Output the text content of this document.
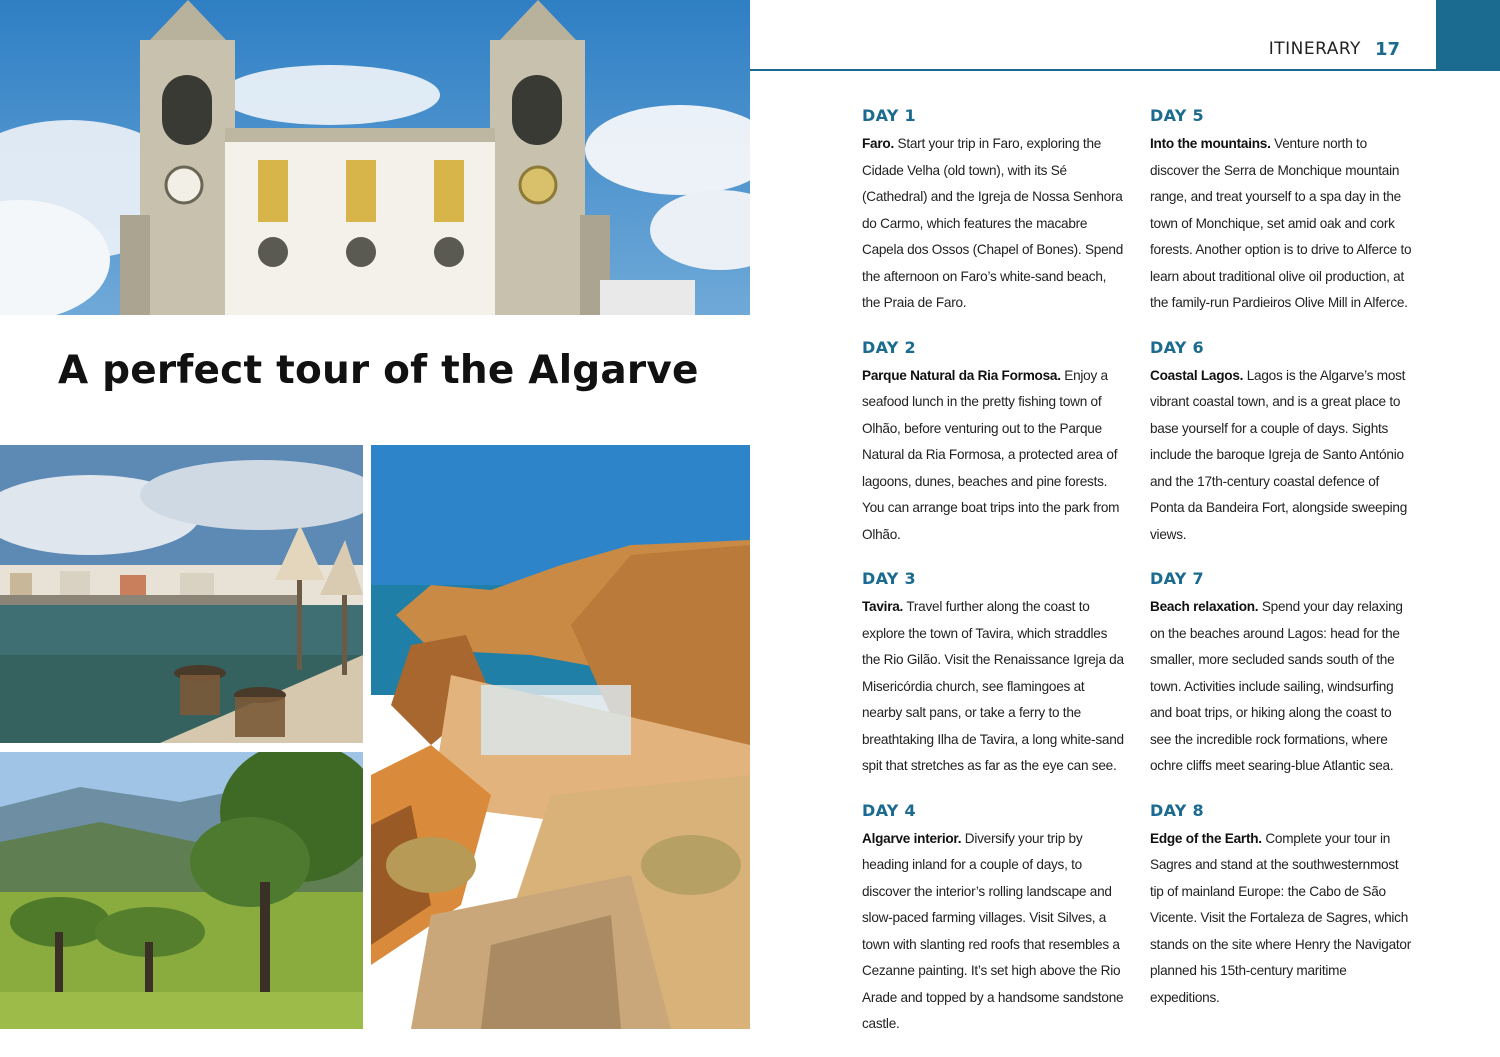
A perfect tour of the Algarve
ITINERARY 17
DAY 1

Faro. Start your trip in Faro, exploring the Cidade Velha (old town), with its Sé (Cathedral) and the Igreja de Nossa Senhora do Carmo, which features the macabre Capela dos Ossos (Chapel of Bones). Spend the afternoon on Faro’s white-sand beach, the Praia de Faro.

DAY 2

Parque Natural da Ria Formosa. Enjoy a seafood lunch in the pretty fishing town of Olhão, before venturing out to the Parque Natural da Ria Formosa, a protected area of lagoons, dunes, beaches and pine forests. You can arrange boat trips into the park from Olhão.

DAY 3

Tavira. Travel further along the coast to explore the town of Tavira, which straddles the Rio Gilão. Visit the Renaissance Igreja da Misericórdia church, see flamingoes at nearby salt pans, or take a ferry to the breathtaking Ilha de Tavira, a long white-sand spit that stretches as far as the eye can see.

DAY 4

Algarve interior. Diversify your trip by heading inland for a couple of days, to discover the interior’s rolling landscape and slow-paced farming villages. Visit Silves, a town with slanting red roofs that resembles a Cezanne painting. It’s set high above the Rio Arade and topped by a handsome sandstone castle.

DAY 5

Into the mountains. Venture north to discover the Serra de Monchique mountain range, and treat yourself to a spa day in the town of Monchique, set amid oak and cork forests. Another option is to drive to Alferce to learn about traditional olive oil production, at the family-run Pardieiros Olive Mill in Alferce.

DAY 6

Coastal Lagos. Lagos is the Algarve’s most vibrant coastal town, and is a great place to base yourself for a couple of days. Sights include the baroque Igreja de Santo António and the 17th-century coastal defence of Ponta da Bandeira Fort, alongside sweeping views.

DAY 7

Beach relaxation. Spend your day relaxing on the beaches around Lagos: head for the smaller, more secluded sands south of the town. Activities include sailing, windsurfing and boat trips, or hiking along the coast to see the incredible rock formations, where ochre cliffs meet searing-blue Atlantic sea.

DAY 8

Edge of the Earth. Complete your tour in Sagres and stand at the southwesternmost tip of mainland Europe: the Cabo de São Vicente. Visit the Fortaleza de Sagres, which stands on the site where Henry the Navigator planned his 15th-century maritime expeditions.
